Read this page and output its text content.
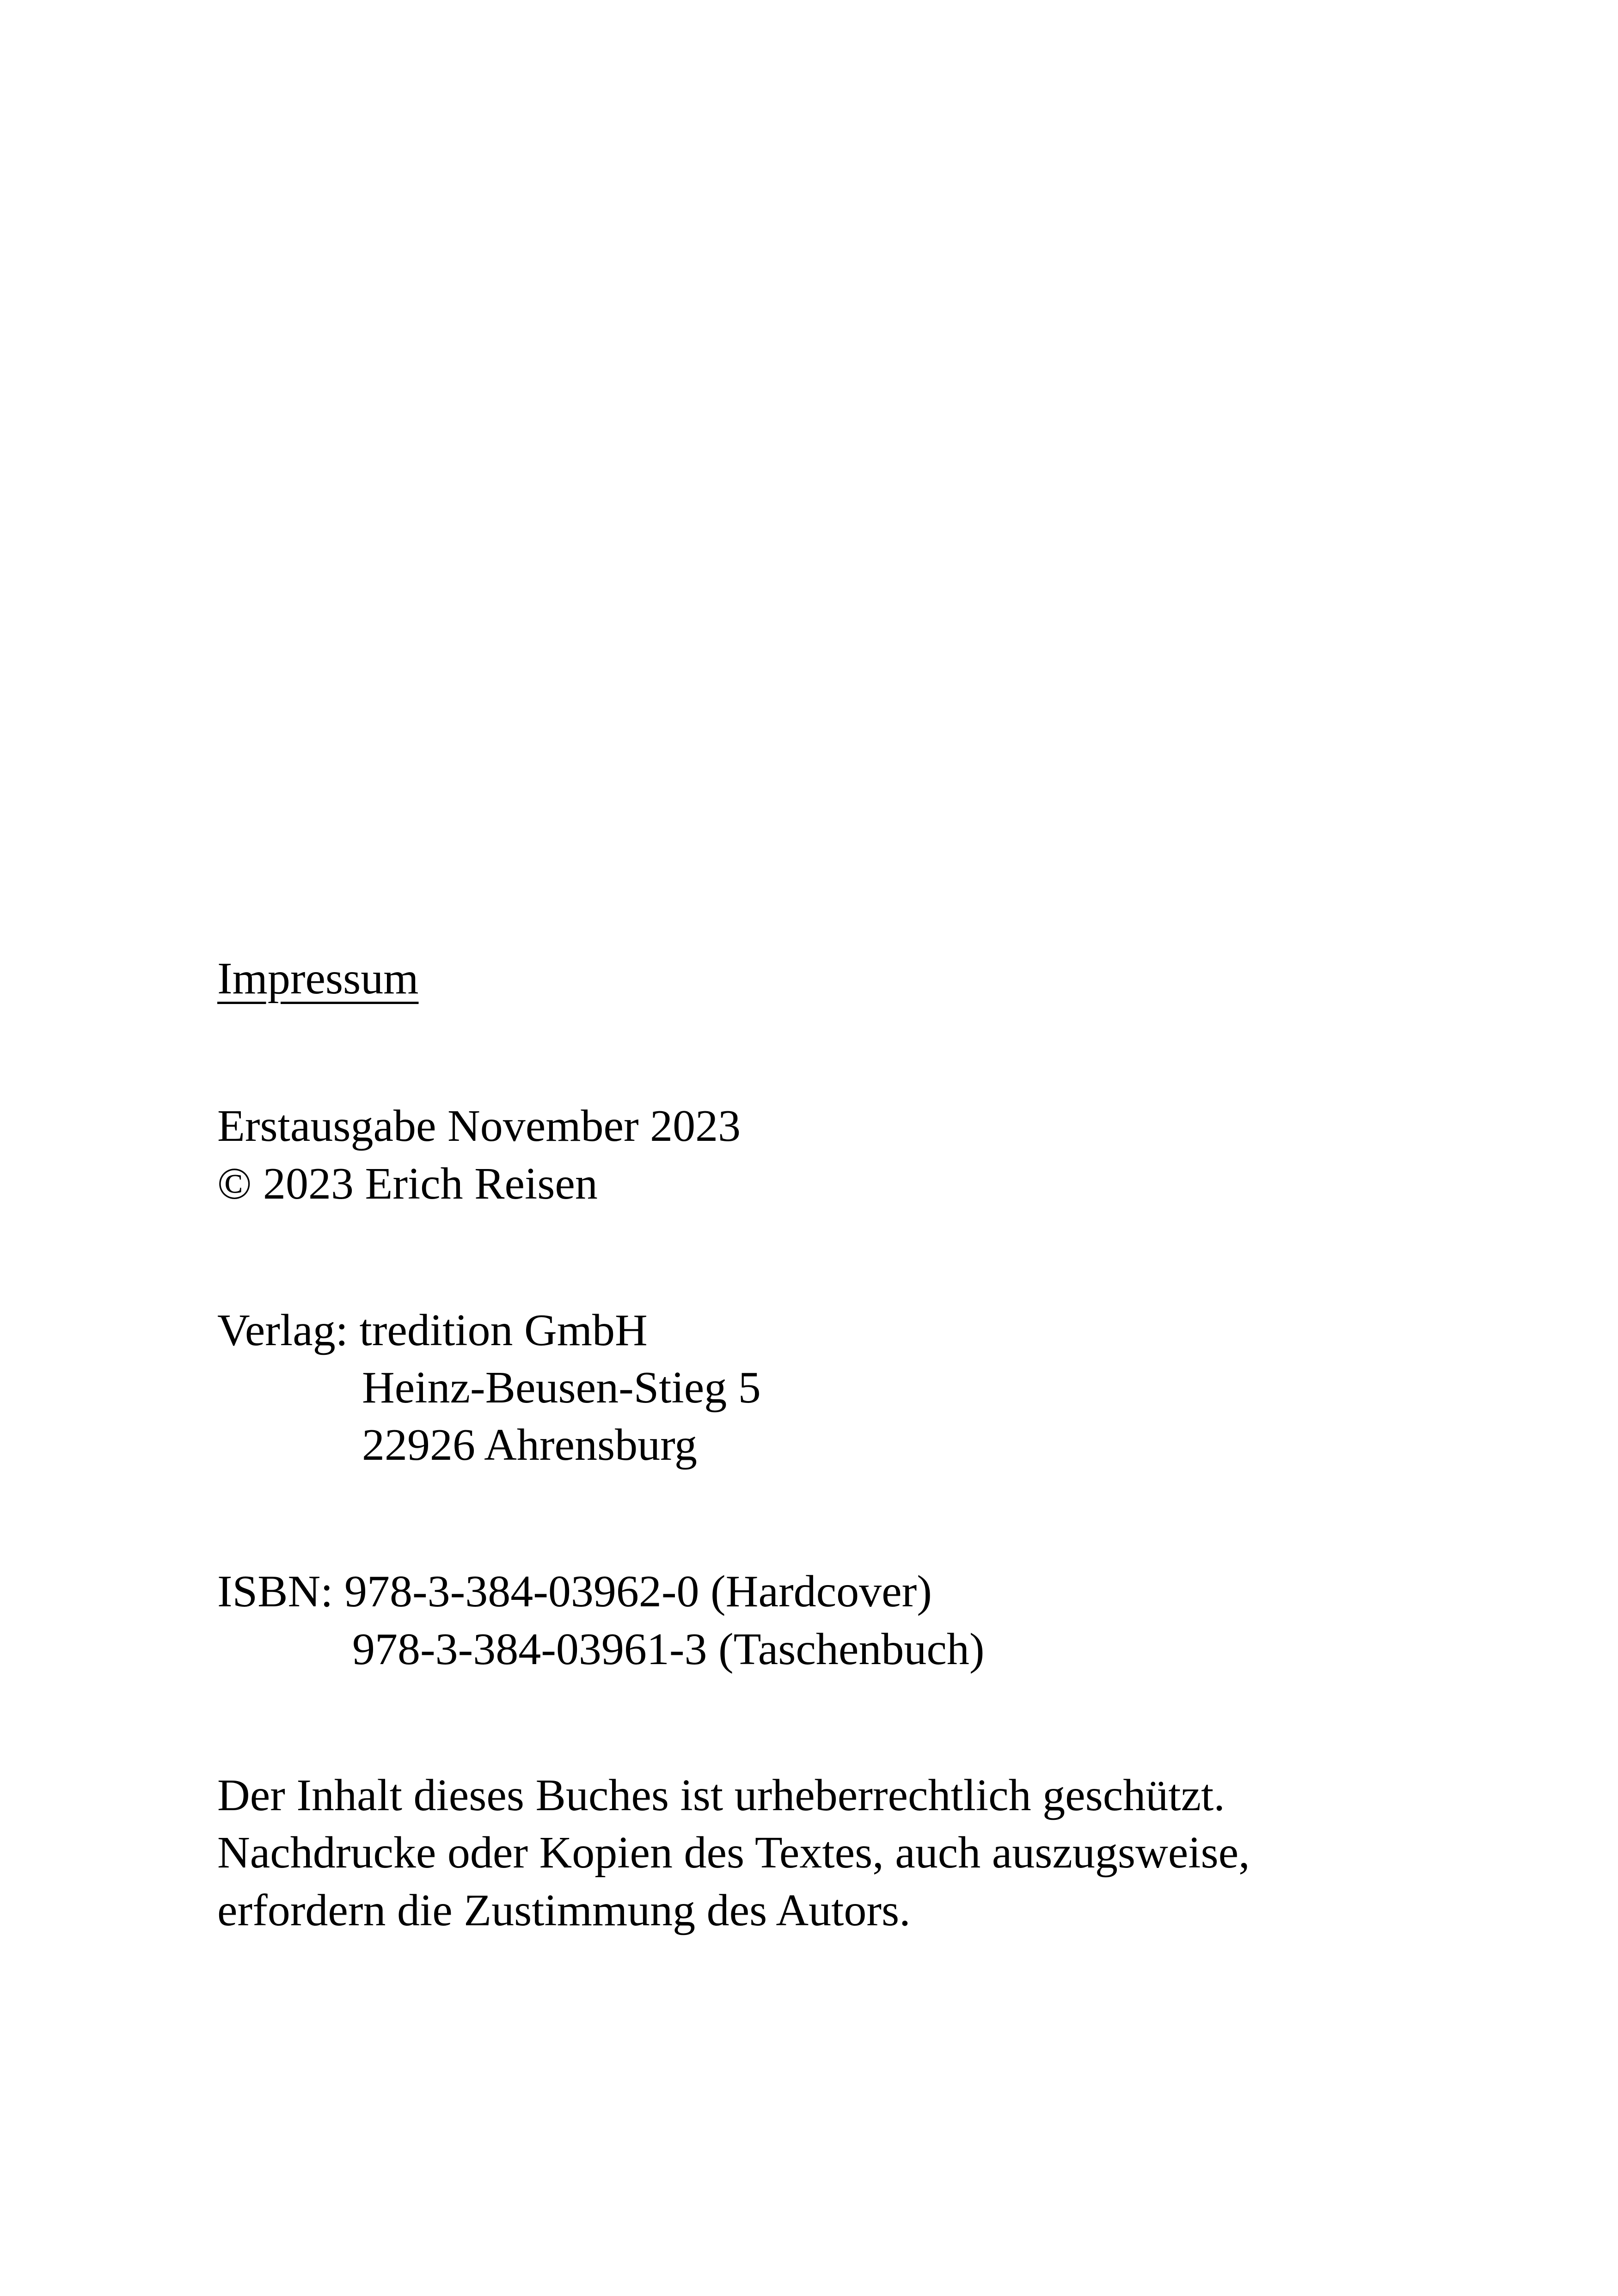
Impressum
Erstausgabe November 2023
© 2023 Erich Reisen
Verlag: tredition GmbH
Heinz-Beusen-Stieg 5
22926 Ahrensburg
ISBN: 978-3-384-03962-0 (Hardcover)
978-3-384-03961-3 (Taschenbuch)
Der Inhalt dieses Buches ist urheberrechtlich geschützt.
Nachdrucke oder Kopien des Textes, auch auszugsweise,
erfordern die Zustimmung des Autors.
